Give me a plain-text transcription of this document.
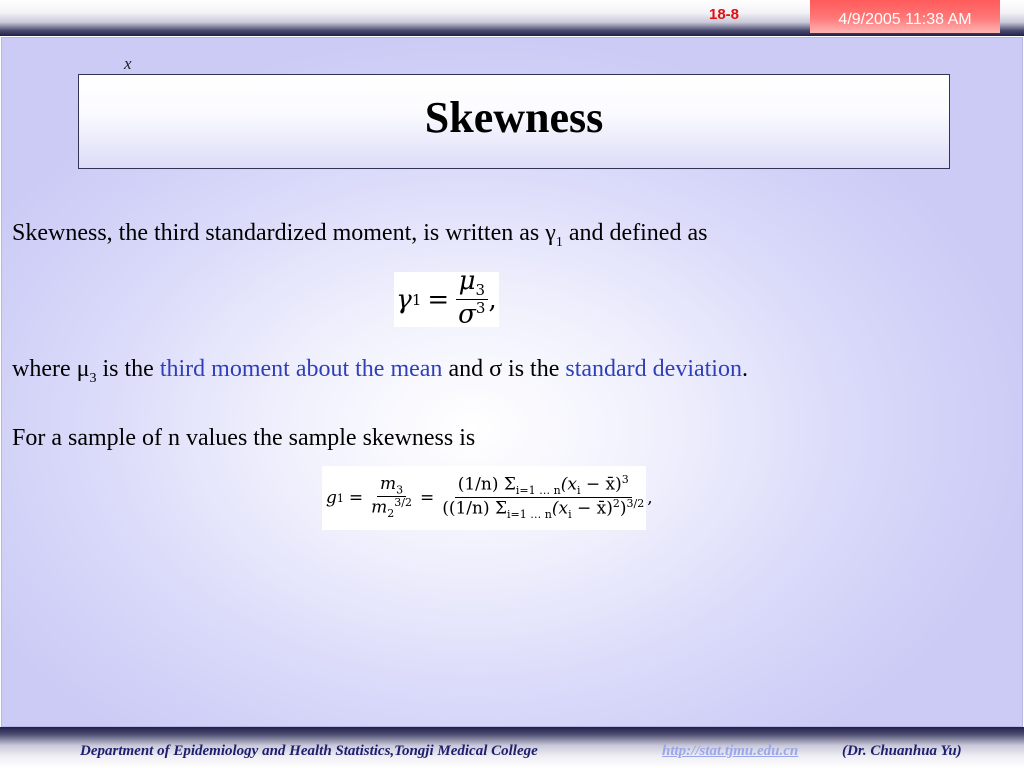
18-8	4/9/2005 11:38 AM
x
Skewness
Skewness, the third standardized moment, is written as $\gamma_1$ and defined as
γ $1 = \frac{\mu_3}{\sigma^3}$ ,
where $\mu_3$ is the third moment about the mean and σ is the standard deviation.
For a sample of n values the sample skewness is
g $1 = \frac{m_3}{m_2^{3/2}} = \frac{(1/n) \Sigma_{i=1 \dots n}(x_i - x̄)^3}{((1/n) \Sigma_{i=1 \dots n}(x_i - x̄)^2)^{3/2}}$ ,
Department of Epidemiology and Health Statistics,Tongji Medical College	http://stat.tjmu.edu.cn	(Dr. Chuanhua Yu)
